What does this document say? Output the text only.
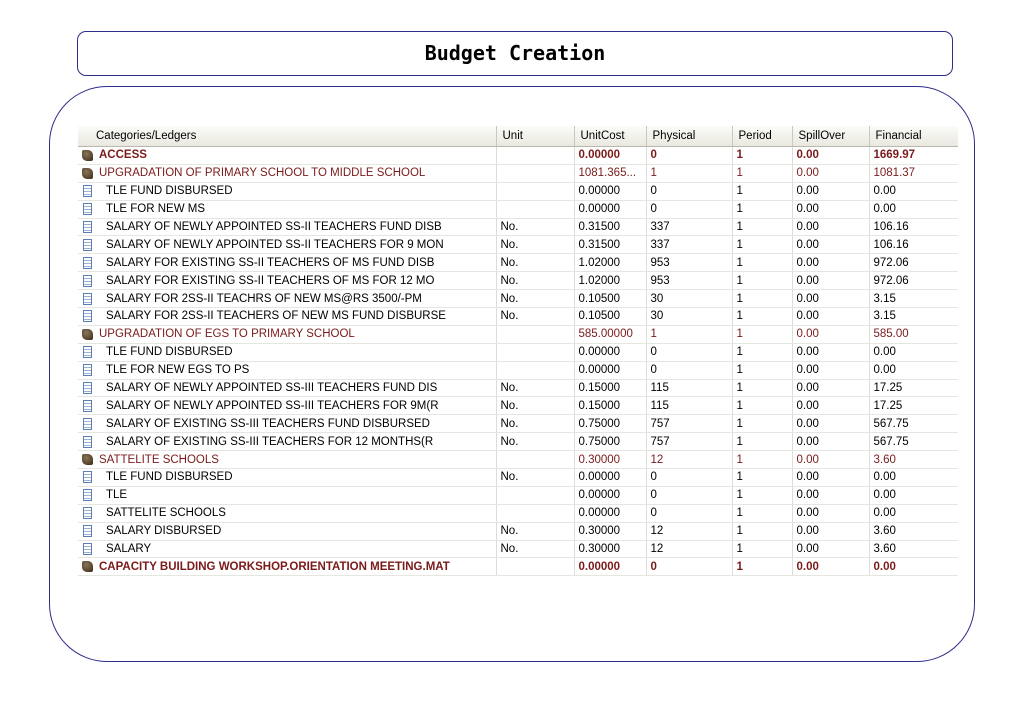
Budget Creation
Categories/Ledgers	Unit	UnitCost	Physical	Period	SpillOver	Financial
ACCESS		0.00000	0	1	0.00	1669.97
UPGRADATION OF PRIMARY SCHOOL TO MIDDLE SCHOOL		1081.365...	1	1	0.00	1081.37
TLE FUND DISBURSED		0.00000	0	1	0.00	0.00
TLE FOR NEW MS		0.00000	0	1	0.00	0.00
SALARY OF NEWLY APPOINTED SS-II TEACHERS FUND DISB	No.	0.31500	337	1	0.00	106.16
SALARY OF NEWLY APPOINTED SS-II TEACHERS FOR 9 MON	No.	0.31500	337	1	0.00	106.16
SALARY FOR EXISTING SS-II TEACHERS OF MS FUND DISB	No.	1.02000	953	1	0.00	972.06
SALARY FOR EXISTING SS-II TEACHERS OF MS FOR 12 MO	No.	1.02000	953	1	0.00	972.06
SALARY FOR 2SS-II TEACHRS OF NEW MS@RS 3500/-PM	No.	0.10500	30	1	0.00	3.15
SALARY FOR 2SS-II TEACHERS OF NEW MS FUND DISBURSE	No.	0.10500	30	1	0.00	3.15
UPGRADATION OF EGS TO PRIMARY SCHOOL		585.00000	1	1	0.00	585.00
TLE FUND DISBURSED		0.00000	0	1	0.00	0.00
TLE FOR NEW EGS TO PS		0.00000	0	1	0.00	0.00
SALARY OF NEWLY APPOINTED SS-III TEACHERS FUND DIS	No.	0.15000	115	1	0.00	17.25
SALARY OF NEWLY APPOINTED SS-III TEACHERS FOR 9M(R	No.	0.15000	115	1	0.00	17.25
SALARY OF EXISTING SS-III TEACHERS FUND DISBURSED	No.	0.75000	757	1	0.00	567.75
SALARY OF EXISTING SS-III TEACHERS FOR 12 MONTHS(R	No.	0.75000	757	1	0.00	567.75
SATTELITE SCHOOLS		0.30000	12	1	0.00	3.60
TLE FUND DISBURSED	No.	0.00000	0	1	0.00	0.00
TLE		0.00000	0	1	0.00	0.00
SATTELITE SCHOOLS		0.00000	0	1	0.00	0.00
SALARY DISBURSED	No.	0.30000	12	1	0.00	3.60
SALARY	No.	0.30000	12	1	0.00	3.60
CAPACITY BUILDING WORKSHOP.ORIENTATION MEETING.MAT		0.00000	0	1	0.00	0.00
